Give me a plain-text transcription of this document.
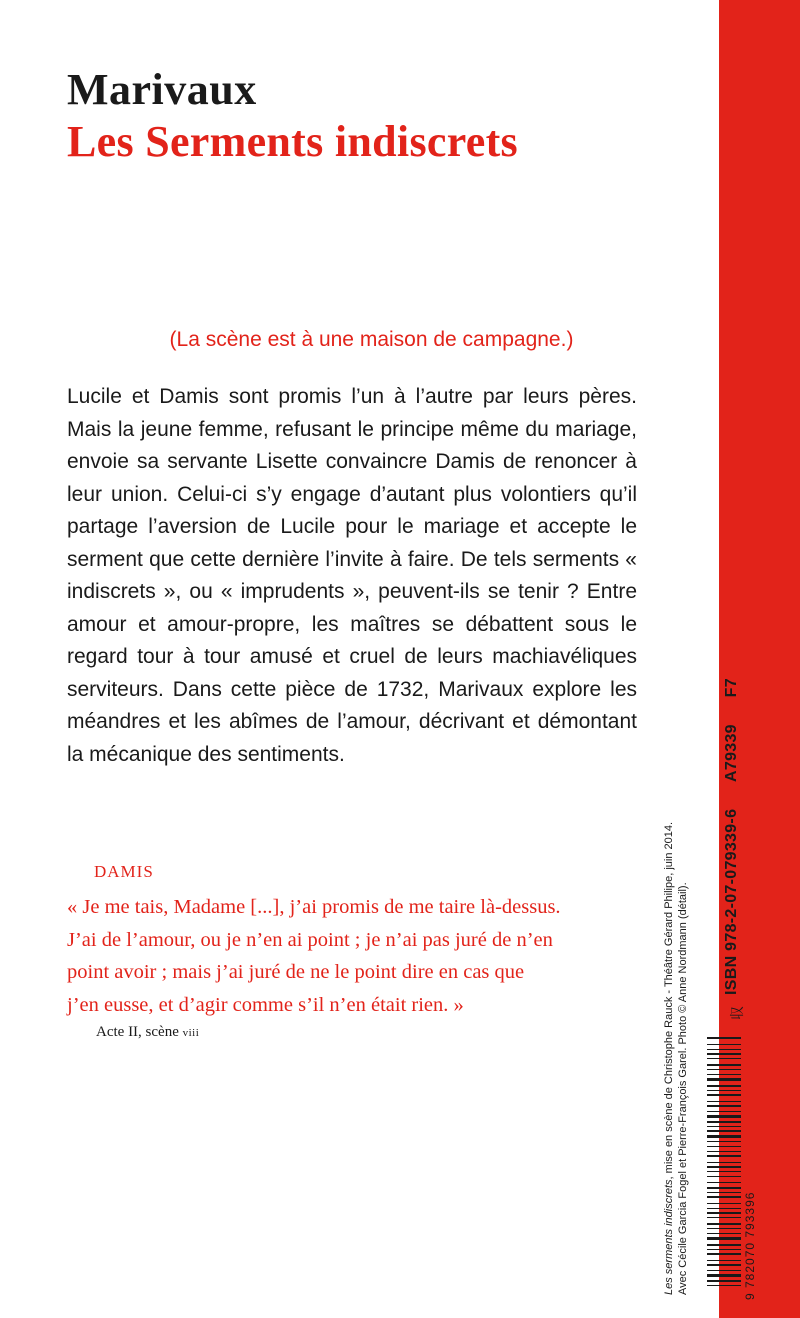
Marivaux
Les Serments indiscrets
(La scène est à une maison de campagne.)

Lucile et Damis sont promis l’un à l’autre par leurs pères. Mais la jeune femme, refusant le principe même du mariage, envoie sa servante Lisette convaincre Damis de renoncer à leur union. Celui-ci s’y engage d’autant plus volontiers qu’il partage l’aversion de Lucile pour le mariage et accepte le serment que cette dernière l’invite à faire. De tels serments « indiscrets », ou « imprudents », peuvent-ils se tenir ? Entre amour et amour-propre, les maîtres se débattent sous le regard tour à tour amusé et cruel de leurs machiavéliques serviteurs. Dans cette pièce de 1732, Marivaux explore les méandres et les abîmes de l’amour, décrivant et démontant la mécanique des sentiments.

DAMIS
« Je me tais, Madame [...], j’ai promis de me taire là-dessus.
J’ai de l’amour, ou je n’en ai point ; je n’ai pas juré de n’en
point avoir ; mais j’ai juré de ne le point dire en cas que
j’en eusse, et d’agir comme s’il n’en était rien. »
Acte II, scène viii
Les serments indiscrets, mise en scène de Christophe Rauck - Théâtre Gérard Philipe, juin 2014. Avec Cécile Garcia Fogel et Pierre-François Garel. Photo © Anne Nordmann (détail).	9 782070 793396
収
ISBN 978-2-07-079339-6 A79339 F7
